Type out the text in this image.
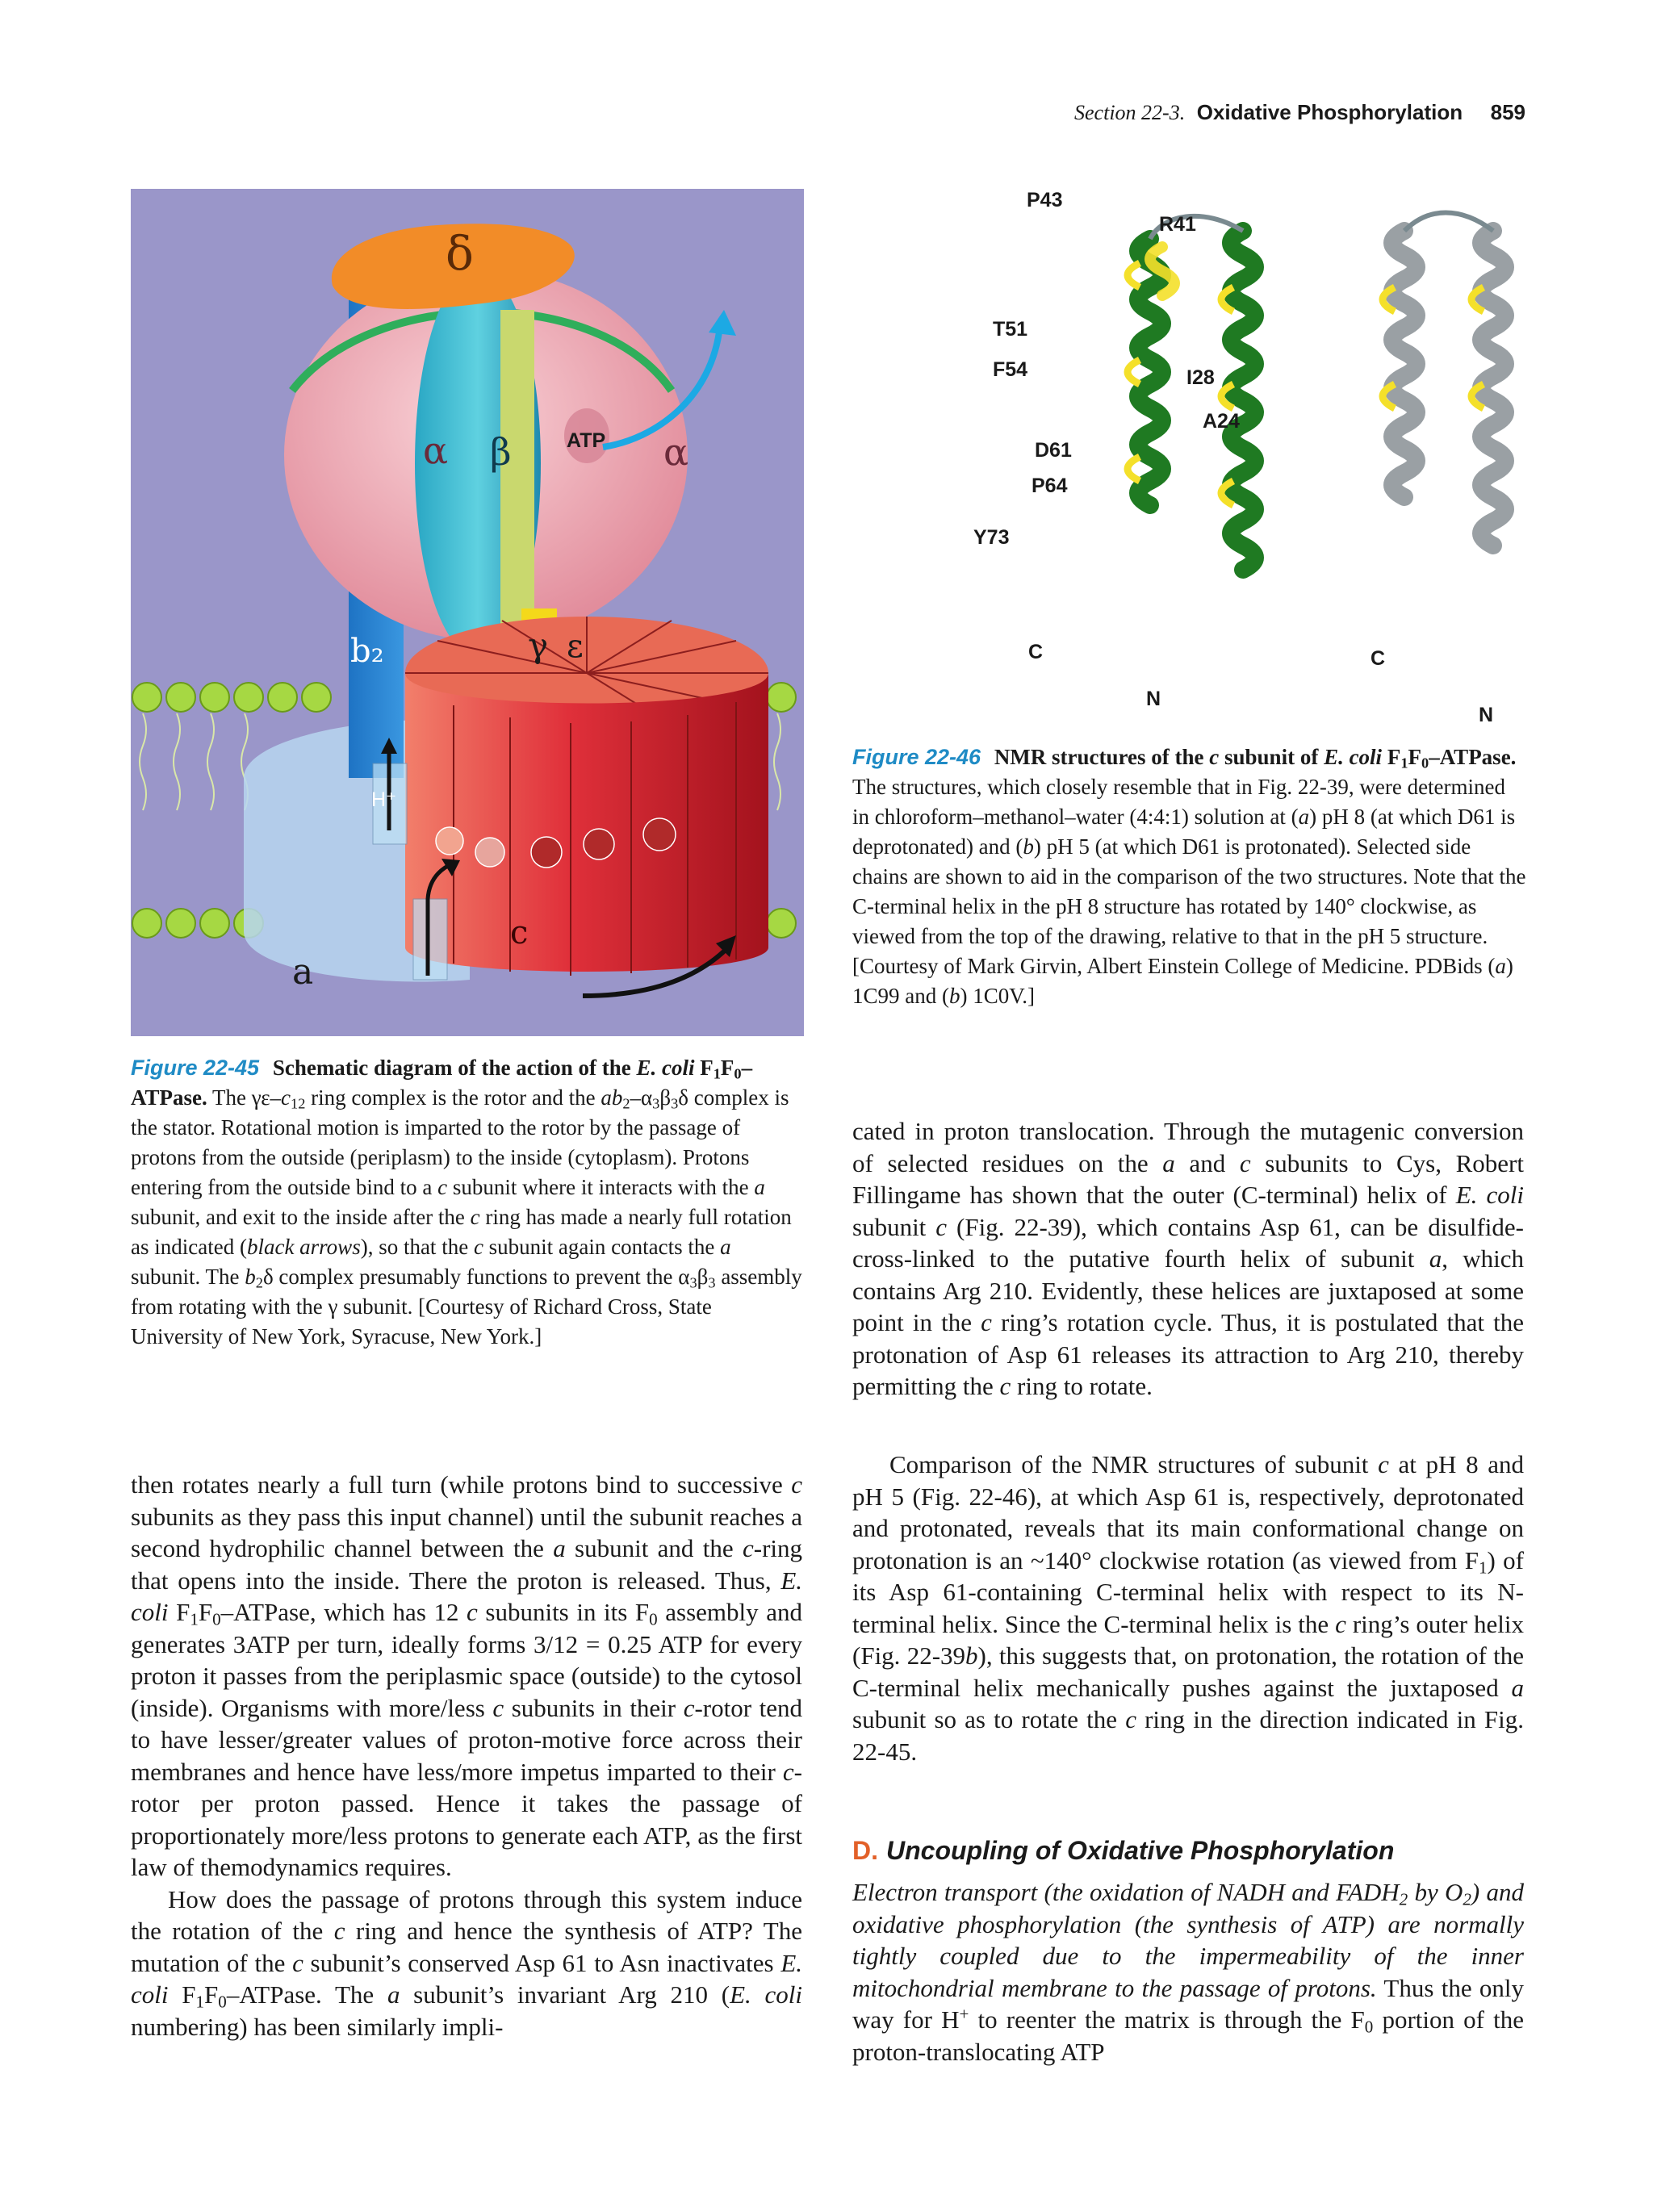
Section 22-3. Oxidative Phosphorylation 859
δ
α β	ATP α
b₂	γ ε
a
c
H⁺
P43
R41
T51
F54	I28
A24
D61
P64
Y73
C
N
C
N
Figure 22-46 NMR structures of the c subunit of E. coli $F_1F_0$–ATPase. The structures, which closely resemble that in Fig. 22-39, were determined in chloroform–methanol–water (4:4:1) solution at (a) pH 8 (at which D61 is deprotonated) and (b) pH 5 (at which D61 is protonated). Selected side chains are shown to aid in the comparison of the two structures. Note that the C-terminal helix in the pH 8 structure has rotated by 140° clockwise, as viewed from the top of the drawing, relative to that in the pH 5 structure. [Courtesy of Mark Girvin, Albert Einstein College of Medicine. PDBids (a) 1C99 and (b) 1C0V.]
Figure 22-45 Schematic diagram of the action of the E. coli $F_1F_0$–ATPase. The $\gamma\varepsilon-c_{12}$ ring complex is the rotor and the $ab_2-\alpha_3\beta_3\delta$ complex is the stator. Rotational motion is imparted to the rotor by the passage of protons from the outside (periplasm) to the inside (cytoplasm). Protons entering from the outside bind to a c subunit where it interacts with the a subunit, and exit to the inside after the c ring has made a nearly full rotation as indicated (black arrows), so that the c subunit again contacts the a subunit. The $b_2\delta$ complex presumably functions to prevent the $\alpha_3\beta_3$ assembly from rotating with the γ subunit. [Courtesy of Richard Cross, State University of New York, Syracuse, New York.]

cated in proton translocation. Through the mutagenic conversion of selected residues on the a and c subunits to Cys, Robert Fillingame has shown that the outer (C-terminal) helix of E. coli subunit c (Fig. 22-39), which contains Asp 61, can be disulfide-cross-linked to the putative fourth helix of subunit a, which contains Arg 210. Evidently, these helices are juxtaposed at some point in the c ring’s rotation cycle. Thus, it is postulated that the protonation of Asp 61 releases its attraction to Arg 210, thereby permitting the c ring to rotate.

Comparison of the NMR structures of subunit c at pH 8 and pH 5 (Fig. 22-46), at which Asp 61 is, respectively, deprotonated and protonated, reveals that its main conformational change on protonation is an ~140° clockwise rotation (as viewed from $F_1$) of its Asp 61-containing C-terminal helix with respect to its N-terminal helix. Since the C-terminal helix is the c ring’s outer helix (Fig. 22-39b), this suggests that, on protonation, the rotation of the C-terminal helix mechanically pushes against the juxtaposed a subunit so as to rotate the c ring in the direction indicated in Fig. 22-45.

then rotates nearly a full turn (while protons bind to successive c subunits as they pass this input channel) until the subunit reaches a second hydrophilic channel between the a subunit and the c-ring that opens into the inside. There the proton is released. Thus, E. coli $F_1F_0$–ATPase, which has 12 c subunits in its $F_0$ assembly and generates 3ATP per turn, ideally forms 3/12 = 0.25 ATP for every proton it passes from the periplasmic space (outside) to the cytosol (inside). Organisms with more/less c subunits in their c-rotor tend to have lesser/greater values of proton-motive force across their membranes and hence have less/more impetus imparted to their c-rotor per proton passed. Hence it takes the passage of proportionately more/less protons to generate each ATP, as the first law of themodynamics requires.

How does the passage of protons through this system induce the rotation of the c ring and hence the synthesis of ATP? The mutation of the c subunit’s conserved Asp 61 to Asn inactivates E. coli $F_1F_0$–ATPase. The a subunit’s invariant Arg 210 (E. coli numbering) has been similarly impli-

D. Uncoupling of Oxidative Phosphorylation

Electron transport (the oxidation of NADH and $FADH_2$ by $O_2$) and oxidative phosphorylation (the synthesis of ATP) are normally tightly coupled due to the impermeability of the inner mitochondrial membrane to the passage of protons. Thus the only way for H+ to reenter the matrix is through the $F_0$ portion of the proton-translocating ATP
